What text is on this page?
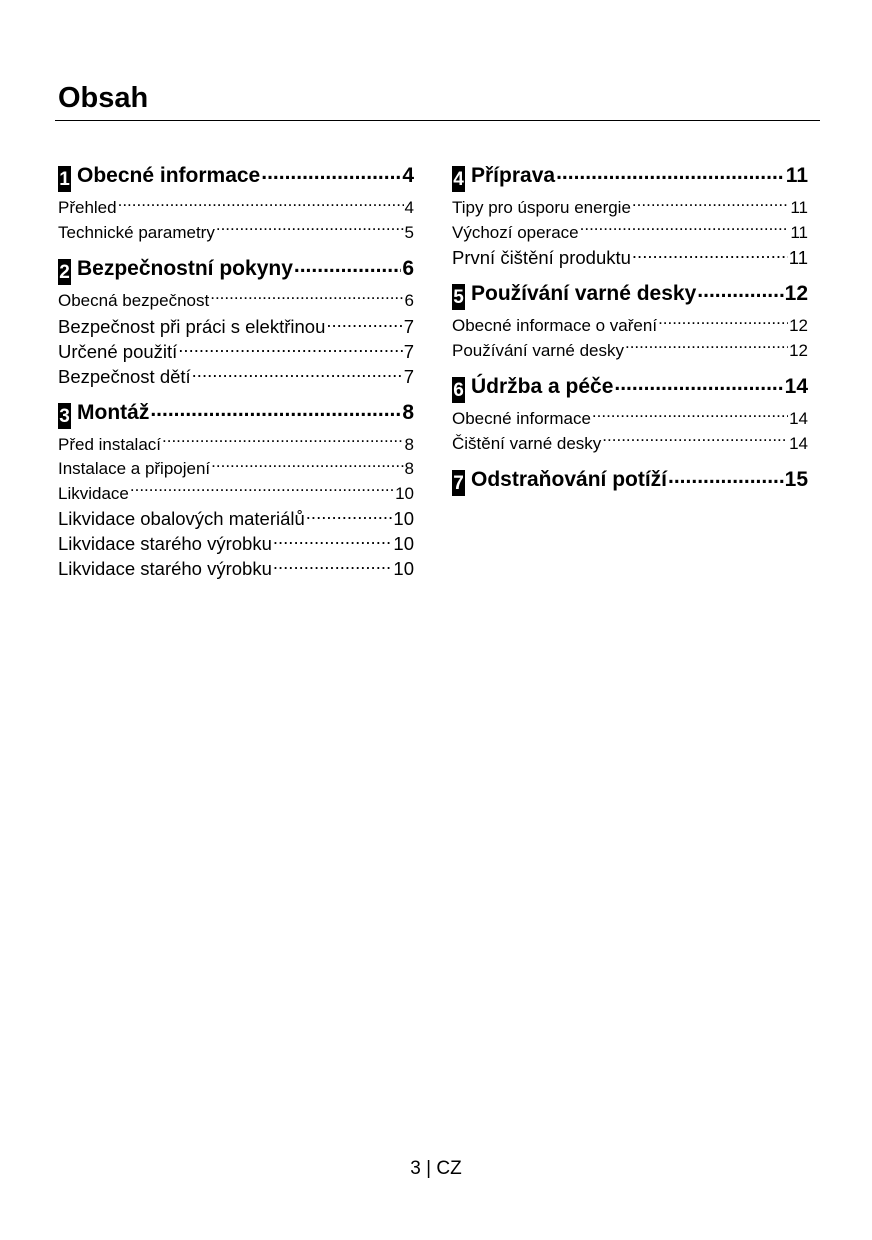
Obsah
1 Obecné informace .....	4
Přehled .....	4
Technické parametry .....	5
2 Bezpečnostní pokyny .....	6
Obecná bezpečnost .....	6
Bezpečnost při práci s elektřinou .....	7
Určené použití .....	7
Bezpečnost dětí .....	7
3 Montáž .....	8
Před instalací .....	8
Instalace a připojení .....	8
Likvidace .....	10
Likvidace obalových materiálů .....	10
Likvidace starého výrobku .....	10
Likvidace starého výrobku .....	10
4 Příprava .....	11
Tipy pro úsporu energie .....	11
Výchozí operace .....	11
První čištění produktu .....	11
5 Používání varné desky .....	12
Obecné informace o vaření .....	12
Používání varné desky .....	12
6 Údržba a péče .....	14
Obecné informace .....	14
Čištění varné desky .....	14
7 Odstraňování potíží .....	15
3 | CZ
